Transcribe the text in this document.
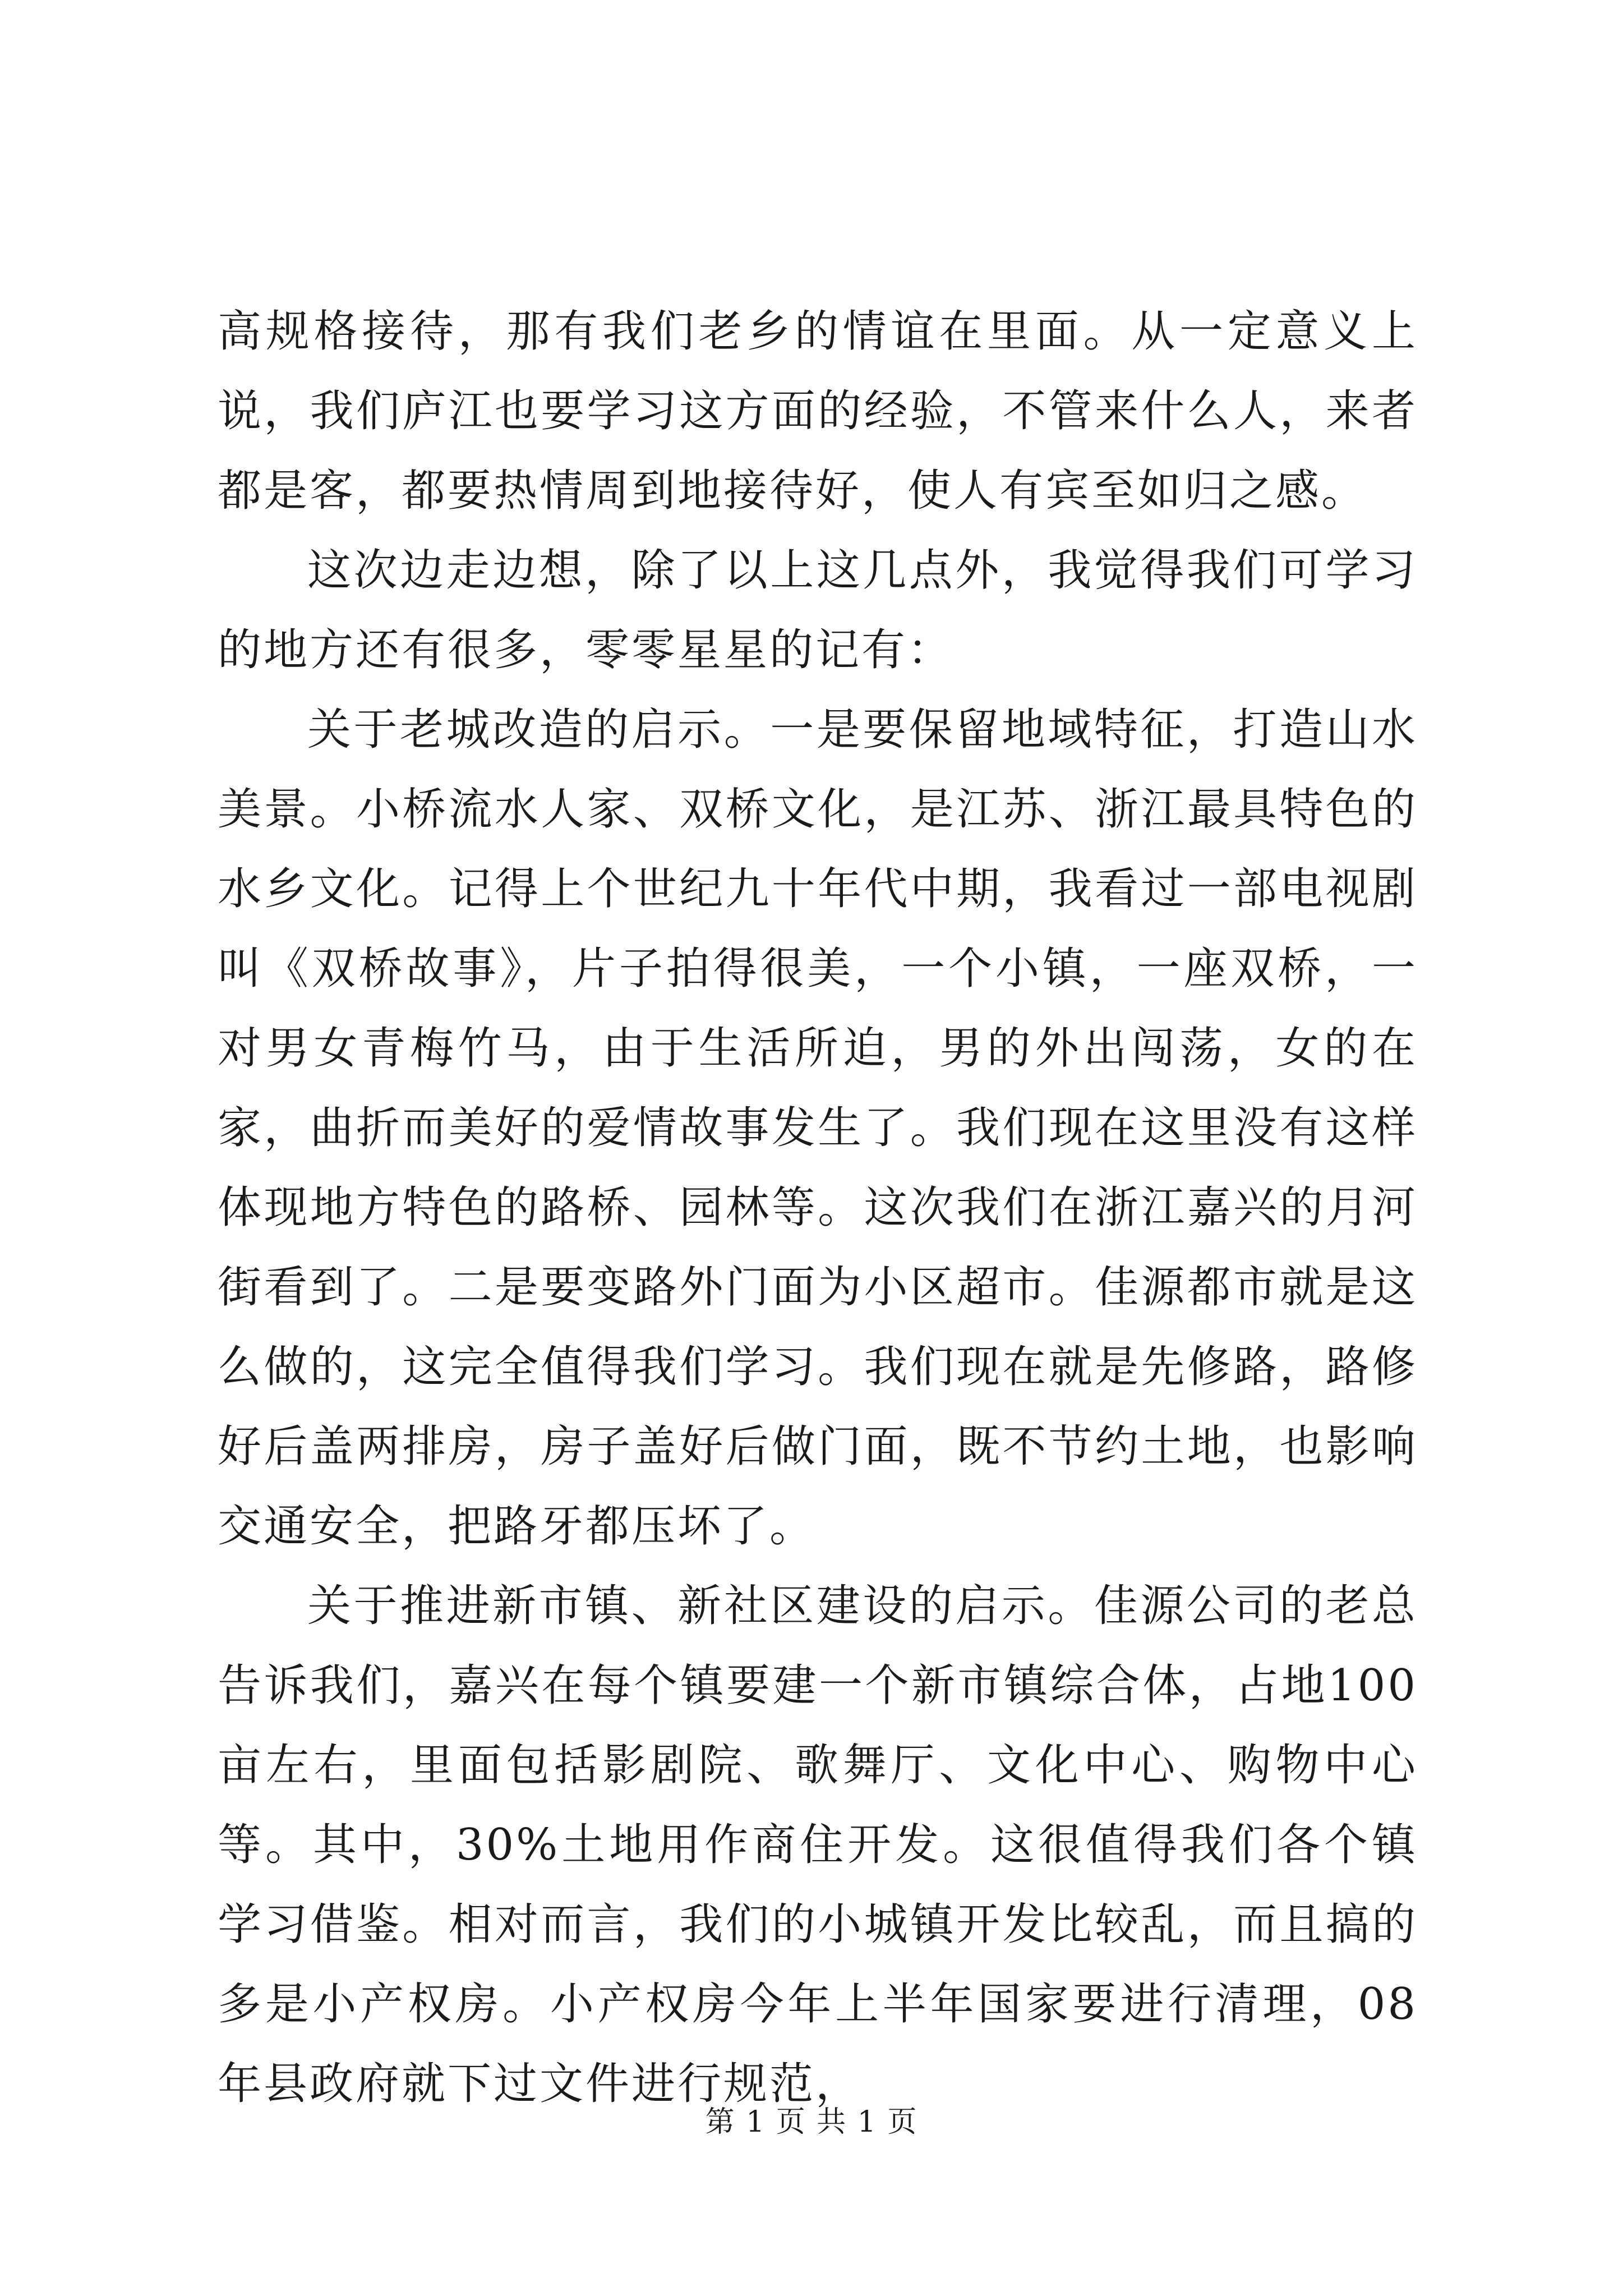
高规格接待，那有我们老乡的情谊在里面。从一定意义上说，我们庐江也要学习这方面的经验，不管来什么人，来者都是客，都要热情周到地接待好，使人有宾至如归之感。

这次边走边想，除了以上这几点外，我觉得我们可学习的地方还有很多，零零星星的记有：

关于老城改造的启示。一是要保留地域特征，打造山水美景。小桥流水人家、双桥文化，是江苏、浙江最具特色的水乡文化。记得上个世纪九十年代中期，我看过一部电视剧叫《双桥故事》，片子拍得很美，一个小镇，一座双桥，一对男女青梅竹马，由于生活所迫，男的外出闯荡，女的在家，曲折而美好的爱情故事发生了。我们现在这里没有这样体现地方特色的路桥、园林等。这次我们在浙江嘉兴的月河街看到了。二是要变路外门面为小区超市。佳源都市就是这么做的，这完全值得我们学习。我们现在就是先修路，路修好后盖两排房，房子盖好后做门面，既不节约土地，也影响交通安全，把路牙都压坏了。

关于推进新市镇、新社区建设的启示。佳源公司的老总告诉我们，嘉兴在每个镇要建一个新市镇综合体，占地100亩左右，里面包括影剧院、歌舞厅、文化中心、购物中心等。其中，30%土地用作商住开发。这很值得我们各个镇学习借鉴。相对而言，我们的小城镇开发比较乱，而且搞的多是小产权房。小产权房今年上半年国家要进行清理，08年县政府就下过文件进行规范，

第 1 页 共 1 页
